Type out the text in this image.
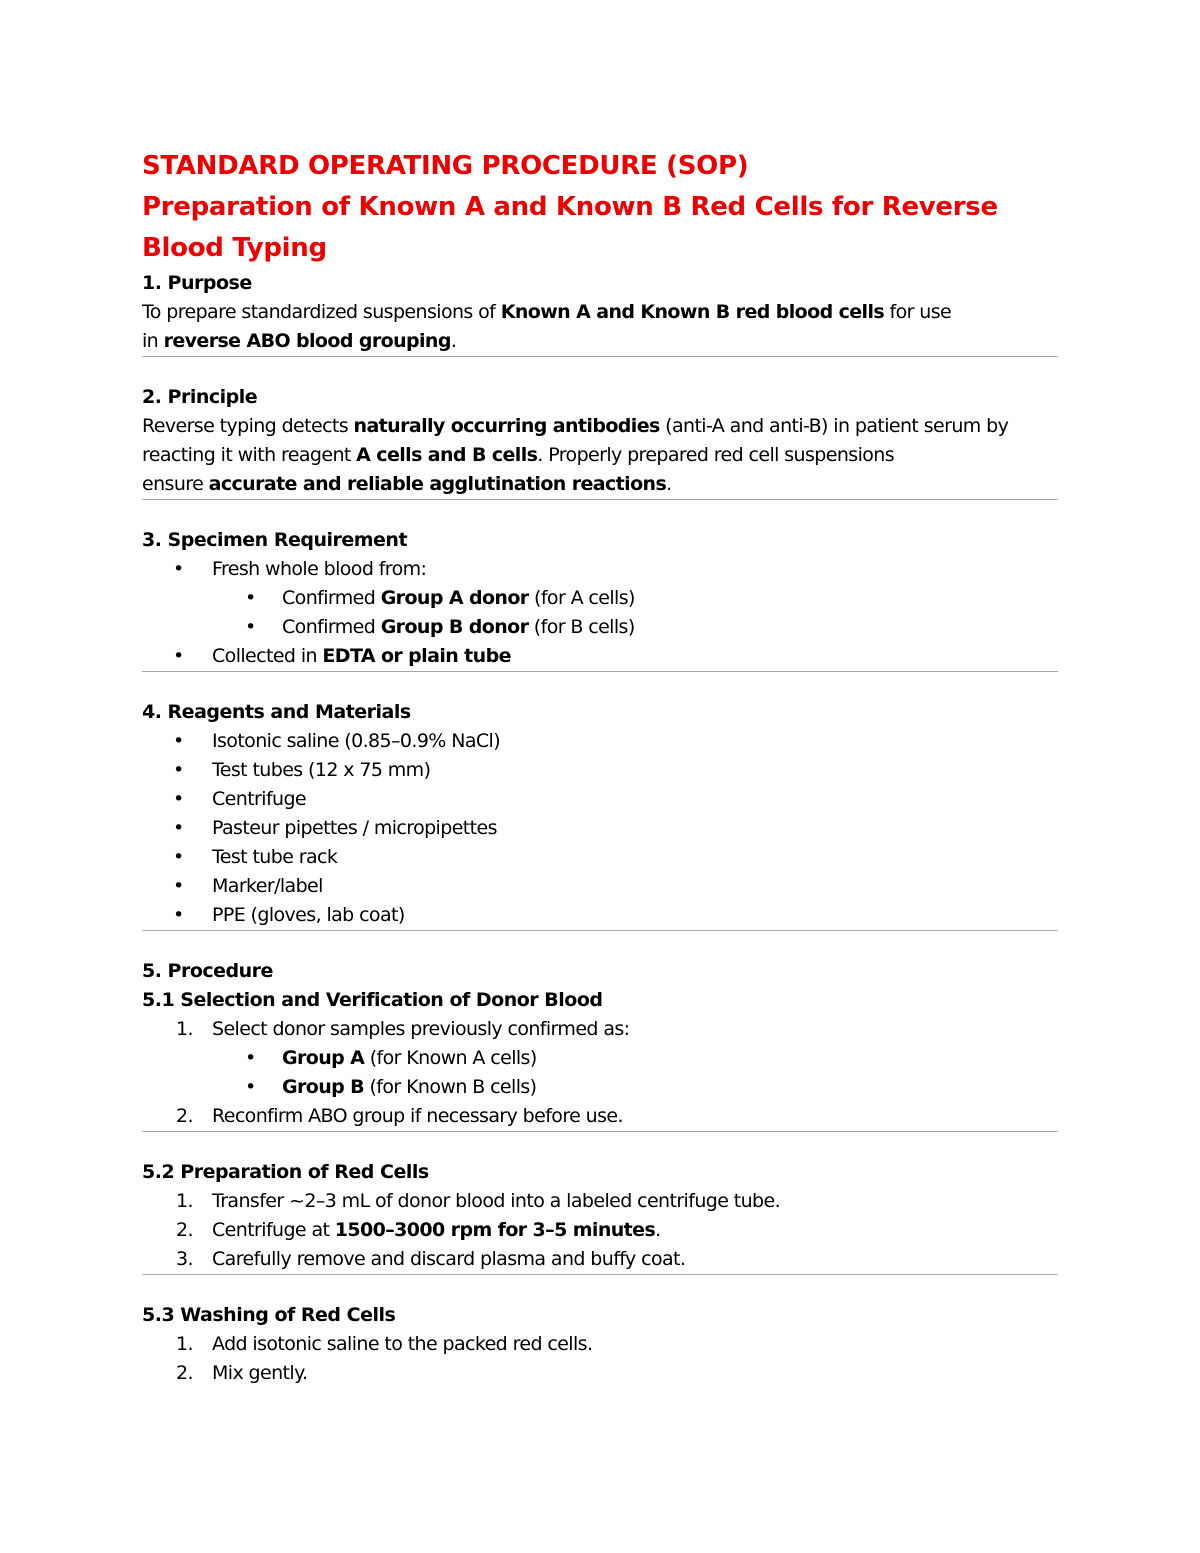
STANDARD OPERATING PROCEDURE (SOP)
Preparation of Known A and Known B Red Cells for Reverse
Blood Typing
1. Purpose
To prepare standardized suspensions of Known A and Known B red blood cells for use
in reverse ABO blood grouping.
2. Principle
Reverse typing detects naturally occurring antibodies (anti-A and anti-B) in patient serum by
reacting it with reagent A cells and B cells. Properly prepared red cell suspensions
ensure accurate and reliable agglutination reactions.
3. Specimen Requirement
• Fresh whole blood from:
• Confirmed Group A donor (for A cells)
• Confirmed Group B donor (for B cells)
• Collected in EDTA or plain tube
4. Reagents and Materials
• Isotonic saline (0.85–0.9% NaCl)
• Test tubes (12 x 75 mm)
• Centrifuge
• Pasteur pipettes / micropipettes
• Test tube rack
• Marker/label
• PPE (gloves, lab coat)
5. Procedure
5.1 Selection and Verification of Donor Blood
1. Select donor samples previously confirmed as:
• Group A (for Known A cells)
• Group B (for Known B cells)
2. Reconfirm ABO group if necessary before use.
5.2 Preparation of Red Cells
1. Transfer ~2–3 mL of donor blood into a labeled centrifuge tube.
2. Centrifuge at 1500–3000 rpm for 3–5 minutes.
3. Carefully remove and discard plasma and buffy coat.
5.3 Washing of Red Cells
1. Add isotonic saline to the packed red cells.
2. Mix gently.
